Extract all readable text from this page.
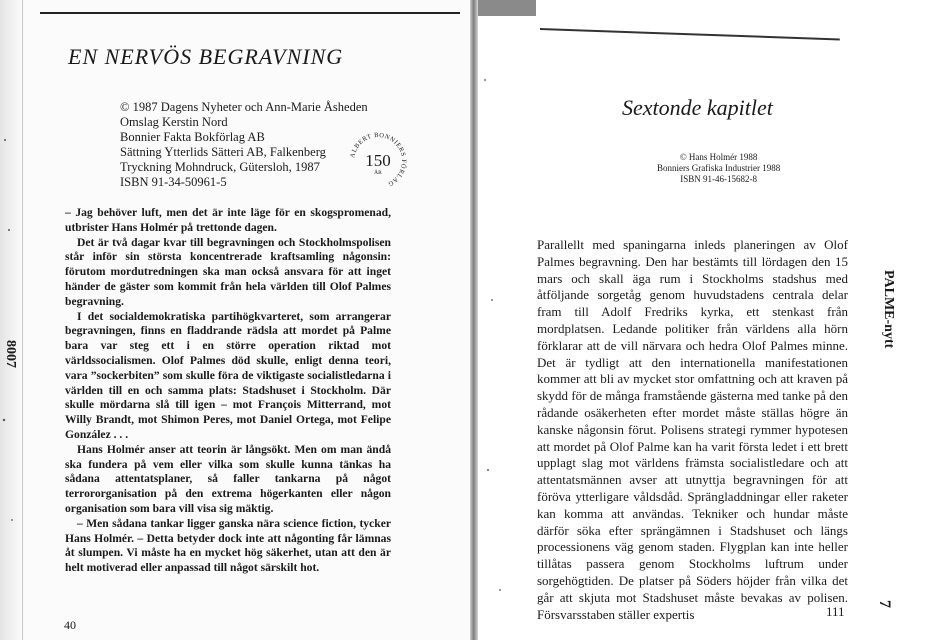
EN NERVÖS BEGRAVNING
© 1987 Dagens Nyheter och Ann-Marie Åsheden
Omslag Kerstin Nord
Bonnier Fakta Bokförlag AB
Sättning Ytterlids Sätteri AB, Falkenberg
Tryckning Mohndruck, Gütersloh, 1987
ISBN 91-34-50961-5
ALBERT BONNIERS FÖRLAG
150
ÅR

– Jag behöver luft, men det är inte läge för en skogspromenad, utbrister Hans Holmér på trettonde dagen.

Det är två dagar kvar till begravningen och Stockholmspolisen står inför sin största koncentrerade kraftsamling någonsin: förutom mordutredningen ska man också ansvara för att inget händer de gäster som kommit från hela världen till Olof Palmes begravning.

I det socialdemokratiska partihögkvarteret, som arrangerar begravningen, finns en fladdrande rädsla att mordet på Palme bara var steg ett i en större operation riktad mot världssocialismen. Olof Palmes död skulle, enligt denna teori, vara ”sockerbiten” som skulle föra de viktigaste socialistledarna i världen till en och samma plats: Stadshuset i Stockholm. Där skulle mördarna slå till igen – mot François Mitterrand, mot Willy Brandt, mot Shimon Peres, mot Daniel Ortega, mot Felipe González . . .

Hans Holmér anser att teorin är långsökt. Men om man ändå ska fundera på vem eller vilka som skulle kunna tänkas ha sådana attentatsplaner, så faller tankarna på något terrororganisation på den extrema högerkanten eller någon organisation som bara vill visa sig mäktig.

– Men sådana tankar ligger ganska nära science fiction, tycker Hans Holmér. – Detta betyder dock inte att någonting får lämnas åt slumpen. Vi måste ha en mycket hög säkerhet, utan att den är helt motiverad eller anpassad till något särskilt hot.

40
8007
Sextonde kapitlet
© Hans Holmér 1988
Bonniers Grafiska Industrier 1988
ISBN 91-46-15682-8

Parallellt med spaningarna inleds planeringen av Olof Palmes begravning. Den har bestämts till lördagen den 15 mars och skall äga rum i Stockholms stadshus med åtföljande sorgetåg genom huvudstadens centrala delar fram till Adolf Fredriks kyrka, ett stenkast från mordplatsen. Ledande politiker från världens alla hörn förklarar att de vill närvara och hedra Olof Palmes minne. Det är tydligt att den internationella manifestationen kommer att bli av mycket stor omfattning och att kraven på skydd för de många framstående gästerna med tanke på den rådande osäkerheten efter mordet måste ställas högre än kanske någonsin förut. Polisens strategi rymmer hypotesen att mordet på Olof Palme kan ha varit första ledet i ett brett upplagt slag mot världens främsta socialistledare och att attentatsmännen avser att utnyttja begravningen för att föröva ytterligare våldsdåd. Sprängladdningar eller raketer kan komma att användas. Tekniker och hundar måste därför söka efter sprängämnen i Stadshuset och längs processionens väg genom staden. Flygplan kan inte heller tillåtas passera genom Stockholms luftrum under sorgehögtiden. De platser på Söders höjder från vilka det går att skjuta mot Stadshuset måste bevakas av polisen. Försvarsstaben ställer expertis	111
PALME-nytt
7
